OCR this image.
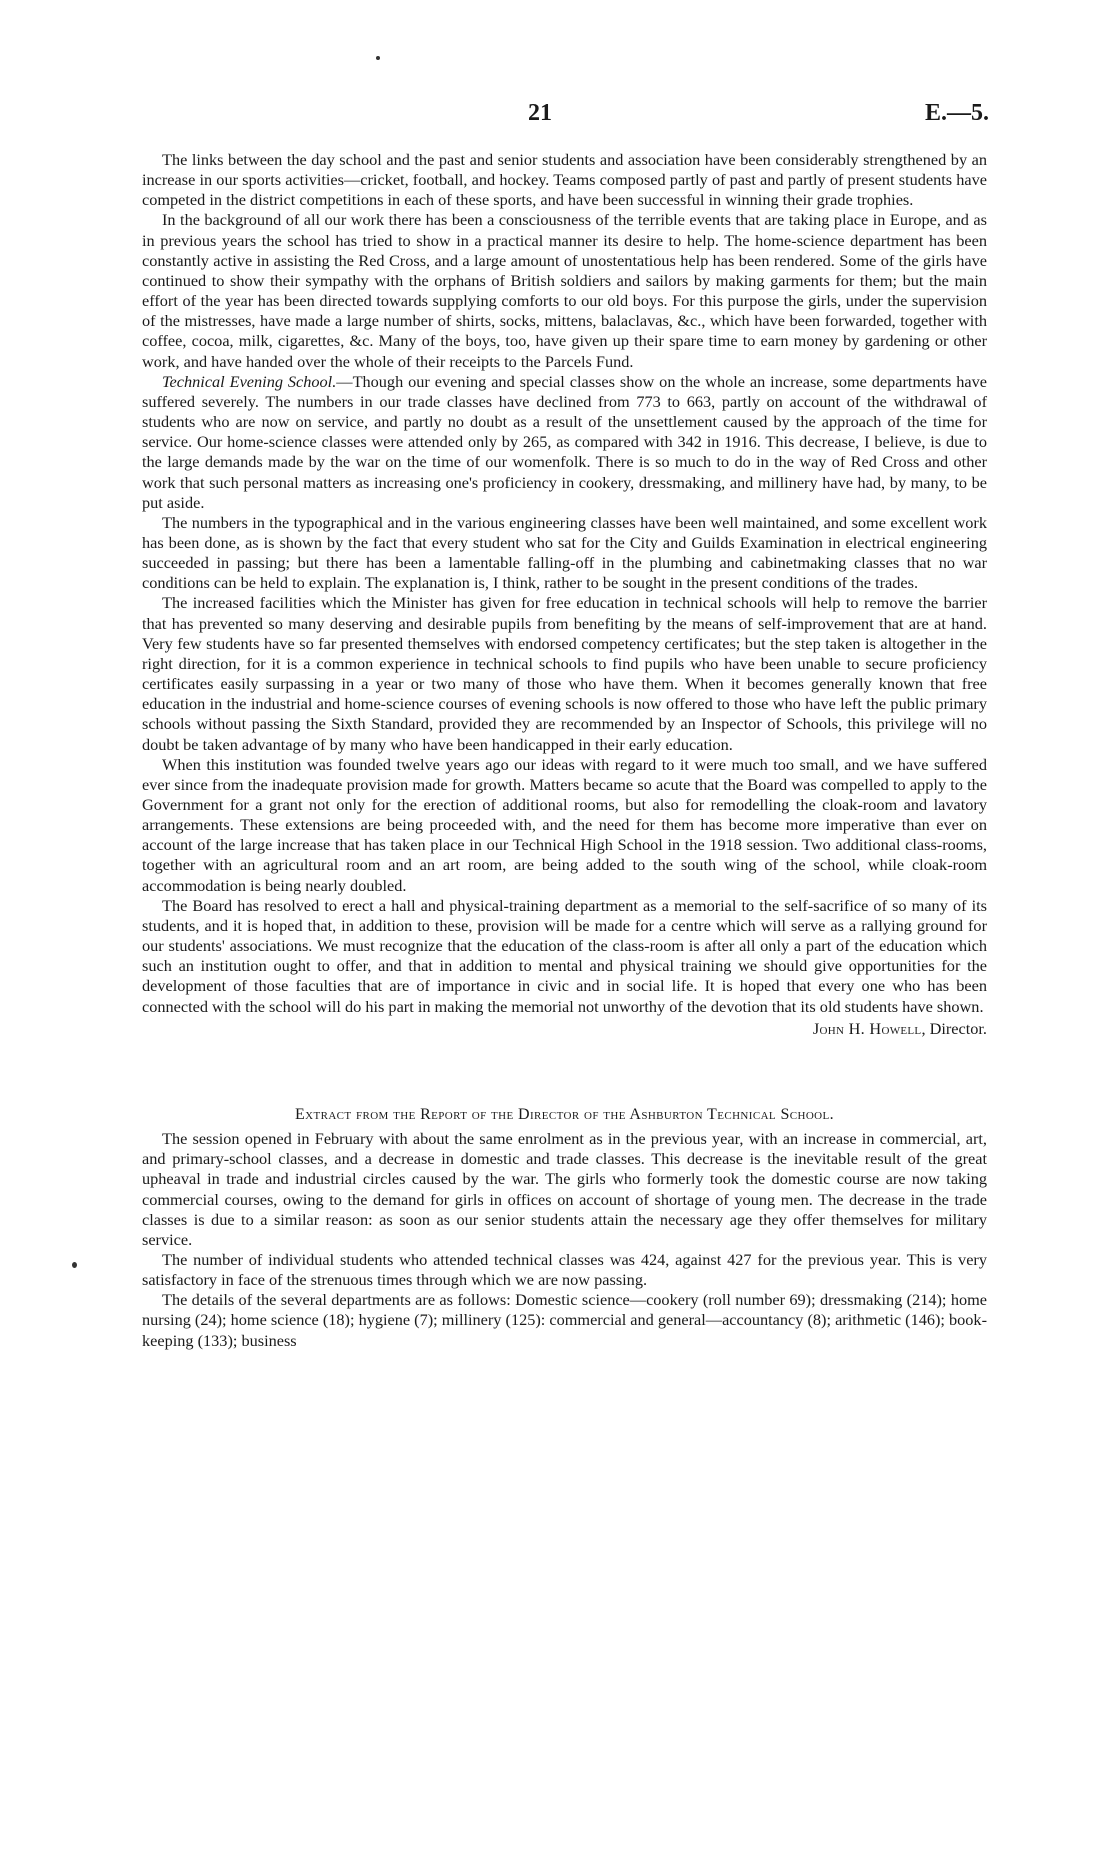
21	E.—5.

The links between the day school and the past and senior students and association have been considerably strengthened by an increase in our sports activities—cricket, football, and hockey. Teams composed partly of past and partly of present students have competed in the district competitions in each of these sports, and have been successful in winning their grade trophies.

In the background of all our work there has been a consciousness of the terrible events that are taking place in Europe, and as in previous years the school has tried to show in a practical manner its desire to help. The home-science department has been constantly active in assisting the Red Cross, and a large amount of unostentatious help has been rendered. Some of the girls have continued to show their sympathy with the orphans of British soldiers and sailors by making garments for them; but the main effort of the year has been directed towards supplying comforts to our old boys. For this purpose the girls, under the supervision of the mistresses, have made a large number of shirts, socks, mittens, balaclavas, &c., which have been forwarded, together with coffee, cocoa, milk, cigarettes, &c. Many of the boys, too, have given up their spare time to earn money by gardening or other work, and have handed over the whole of their receipts to the Parcels Fund.

Technical Evening School.—Though our evening and special classes show on the whole an increase, some departments have suffered severely. The numbers in our trade classes have declined from 773 to 663, partly on account of the withdrawal of students who are now on service, and partly no doubt as a result of the unsettlement caused by the approach of the time for service. Our home-science classes were attended only by 265, as compared with 342 in 1916. This decrease, I believe, is due to the large demands made by the war on the time of our womenfolk. There is so much to do in the way of Red Cross and other work that such personal matters as increasing one's proficiency in cookery, dressmaking, and millinery have had, by many, to be put aside.

The numbers in the typographical and in the various engineering classes have been well maintained, and some excellent work has been done, as is shown by the fact that every student who sat for the City and Guilds Examination in electrical engineering succeeded in passing; but there has been a lamentable falling-off in the plumbing and cabinetmaking classes that no war conditions can be held to explain. The explanation is, I think, rather to be sought in the present conditions of the trades.

The increased facilities which the Minister has given for free education in technical schools will help to remove the barrier that has prevented so many deserving and desirable pupils from benefiting by the means of self-improvement that are at hand. Very few students have so far presented themselves with endorsed competency certificates; but the step taken is altogether in the right direction, for it is a common experience in technical schools to find pupils who have been unable to secure proficiency certificates easily surpassing in a year or two many of those who have them. When it becomes generally known that free education in the industrial and home-science courses of evening schools is now offered to those who have left the public primary schools without passing the Sixth Standard, provided they are recommended by an Inspector of Schools, this privilege will no doubt be taken advantage of by many who have been handicapped in their early education.

When this institution was founded twelve years ago our ideas with regard to it were much too small, and we have suffered ever since from the inadequate provision made for growth. Matters became so acute that the Board was compelled to apply to the Government for a grant not only for the erection of additional rooms, but also for remodelling the cloak-room and lavatory arrangements. These extensions are being proceeded with, and the need for them has become more imperative than ever on account of the large increase that has taken place in our Technical High School in the 1918 session. Two additional class-rooms, together with an agricultural room and an art room, are being added to the south wing of the school, while cloak-room accommodation is being nearly doubled.

The Board has resolved to erect a hall and physical-training department as a memorial to the self-sacrifice of so many of its students, and it is hoped that, in addition to these, provision will be made for a centre which will serve as a rallying ground for our students' associations. We must recognize that the education of the class-room is after all only a part of the education which such an institution ought to offer, and that in addition to mental and physical training we should give opportunities for the development of those faculties that are of importance in civic and in social life. It is hoped that every one who has been connected with the school will do his part in making the memorial not unworthy of the devotion that its old students have shown.

John H. Howell, Director.
Extract from the Report of the Director of the Ashburton Technical School.

The session opened in February with about the same enrolment as in the previous year, with an increase in commercial, art, and primary-school classes, and a decrease in domestic and trade classes. This decrease is the inevitable result of the great upheaval in trade and industrial circles caused by the war. The girls who formerly took the domestic course are now taking commercial courses, owing to the demand for girls in offices on account of shortage of young men. The decrease in the trade classes is due to a similar reason: as soon as our senior students attain the necessary age they offer themselves for military service.

The number of individual students who attended technical classes was 424, against 427 for the previous year. This is very satisfactory in face of the strenuous times through which we are now passing.

The details of the several departments are as follows: Domestic science—cookery (roll number 69); dressmaking (214); home nursing (24); home science (18); hygiene (7); millinery (125): commercial and general—accountancy (8); arithmetic (146); book-keeping (133); business
